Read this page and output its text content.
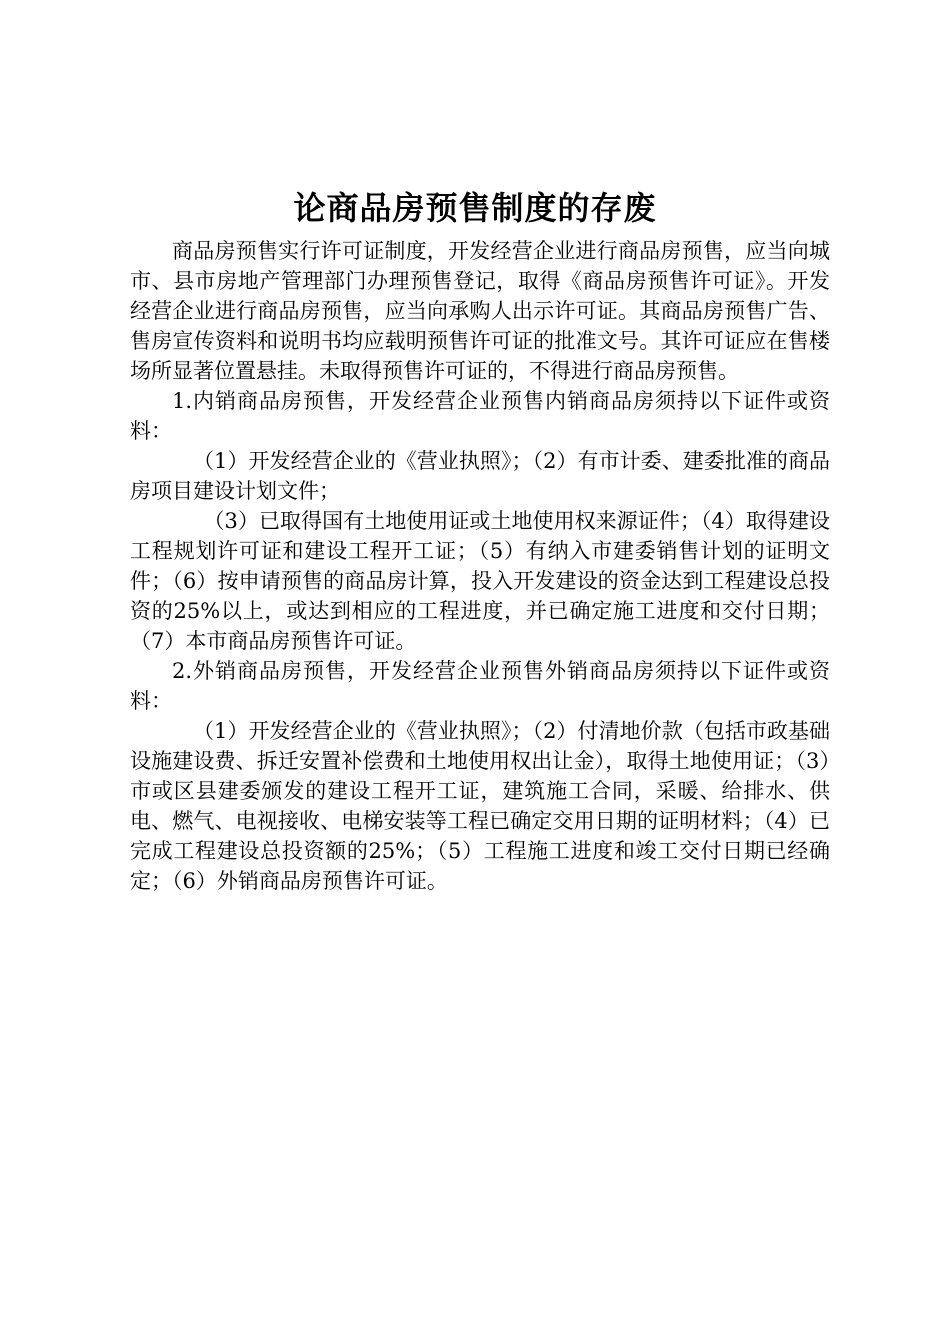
论商品房预售制度的存废

商品房预售实行许可证制度，开发经营企业进行商品房预售，应当向城市、县市房地产管理部门办理预售登记，取得《商品房预售许可证》。开发经营企业进行商品房预售，应当向承购人出示许可证。其商品房预售广告、售房宣传资料和说明书均应载明预售许可证的批准文号。其许可证应在售楼场所显著位置悬挂。未取得预售许可证的，不得进行商品房预售。

1.内销商品房预售，开发经营企业预售内销商品房须持以下证件或资料：

（1）开发经营企业的《营业执照》；（2）有市计委、建委批准的商品房项目建设计划文件；

（3）已取得国有土地使用证或土地使用权来源证件；（4）取得建设工程规划许可证和建设工程开工证；（5）有纳入市建委销售计划的证明文件；（6）按申请预售的商品房计算，投入开发建设的资金达到工程建设总投资的25%以上，或达到相应的工程进度，并已确定施工进度和交付日期；（7）本市商品房预售许可证。

2.外销商品房预售，开发经营企业预售外销商品房须持以下证件或资料：

（1）开发经营企业的《营业执照》；（2）付清地价款（包括市政基础设施建设费、拆迁安置补偿费和土地使用权出让金），取得土地使用证；（3）市或区县建委颁发的建设工程开工证，建筑施工合同，采暖、给排水、供电、燃气、电视接收、电梯安装等工程已确定交用日期的证明材料；（4）已完成工程建设总投资额的25%；（5）工程施工进度和竣工交付日期已经确定；（6）外销商品房预售许可证。
